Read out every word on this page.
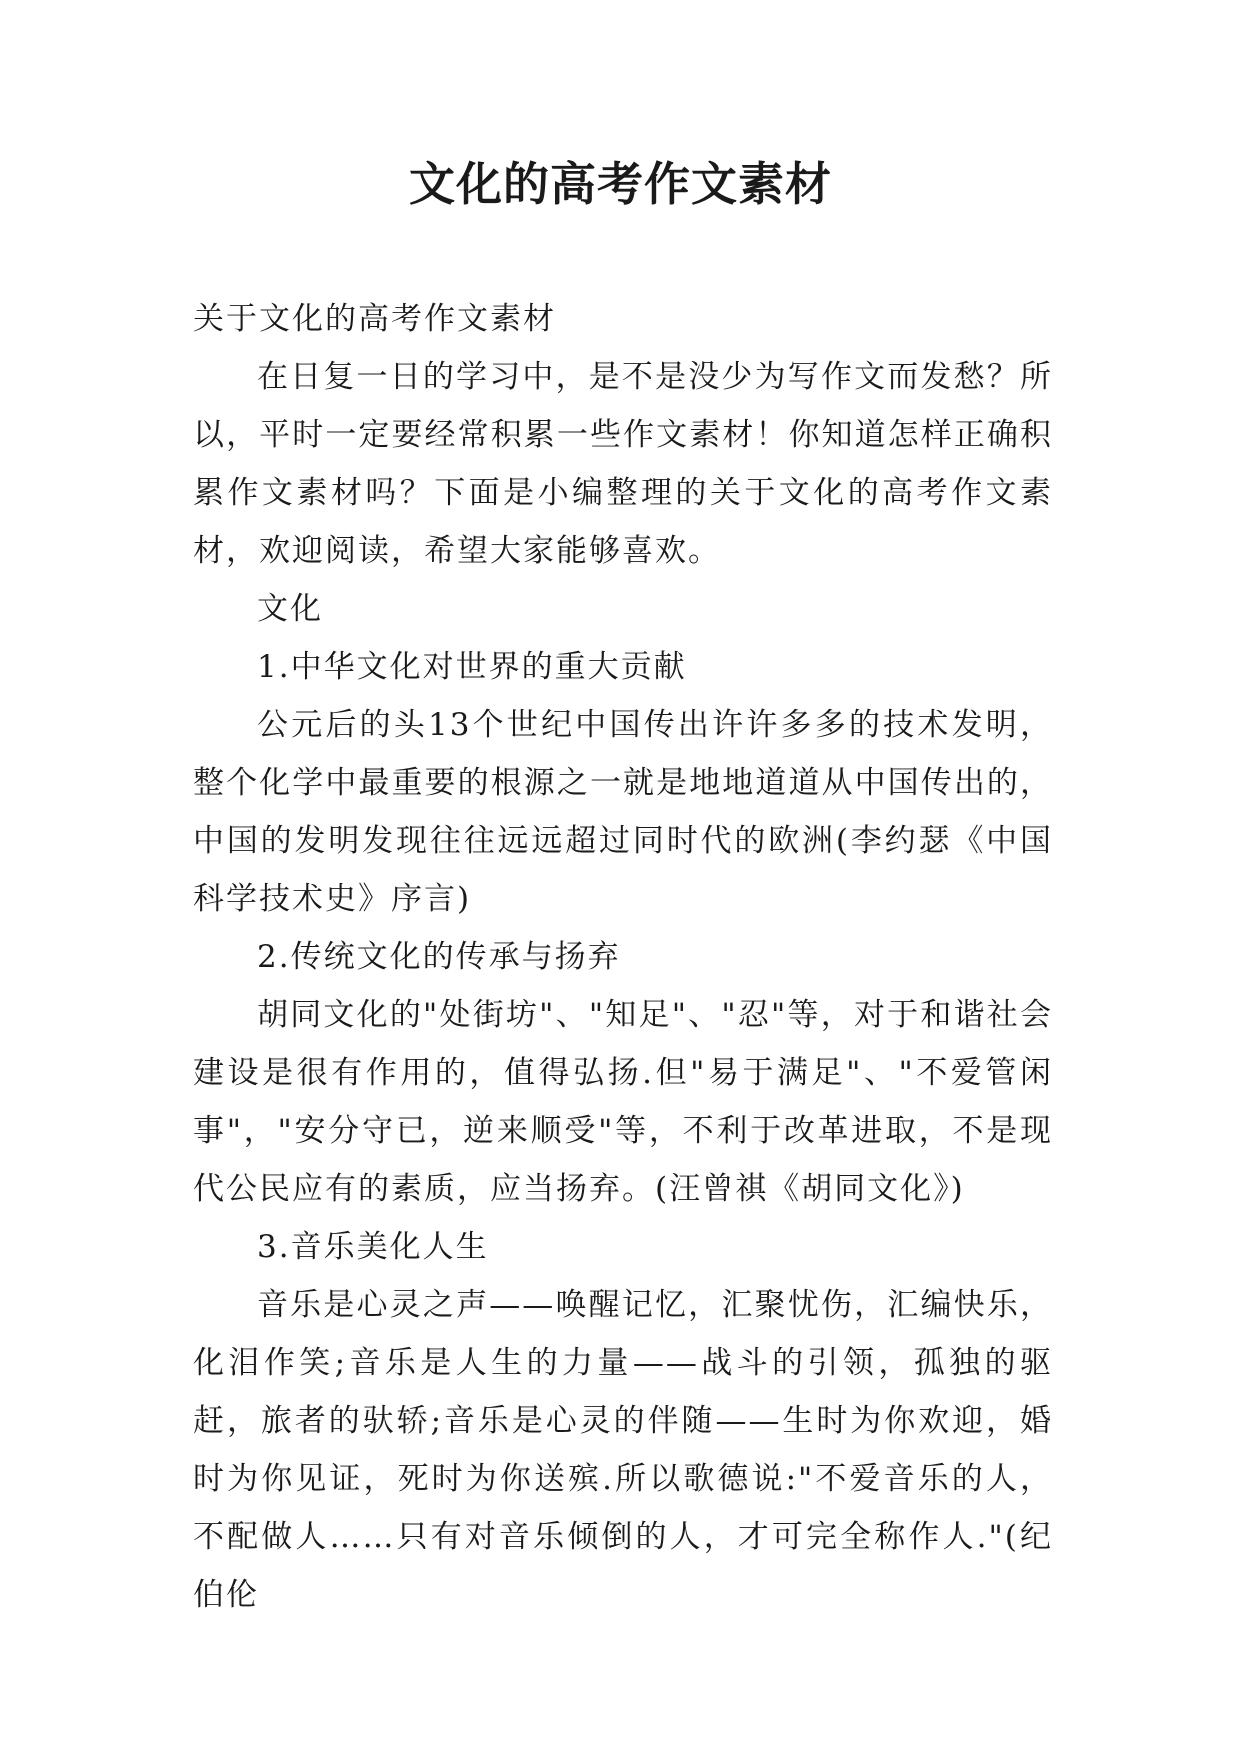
文化的高考作文素材

关于文化的高考作文素材

在日复一日的学习中，是不是没少为写作文而发愁？所以，平时一定要经常积累一些作文素材！你知道怎样正确积累作文素材吗？下面是小编整理的关于文化的高考作文素材，欢迎阅读，希望大家能够喜欢。

文化

1.中华文化对世界的重大贡献

公元后的头13个世纪中国传出许许多多的技术发明，整个化学中最重要的根源之一就是地地道道从中国传出的，中国的发明发现往往远远超过同时代的欧洲(李约瑟《中国科学技术史》序言)

2.传统文化的传承与扬弃

胡同文化的"处街坊"、"知足"、"忍"等，对于和谐社会建设是很有作用的，值得弘扬.但"易于满足"、"不爱管闲事"，"安分守已，逆来顺受"等，不利于改革进取，不是现代公民应有的素质，应当扬弃。(汪曾祺《胡同文化》)

3.音乐美化人生

音乐是心灵之声——唤醒记忆，汇聚忧伤，汇编快乐，化泪作笑;音乐是人生的力量——战斗的引领，孤独的驱赶，旅者的驮轿;音乐是心灵的伴随——生时为你欢迎，婚时为你见证，死时为你送殡.所以歌德说:"不爱音乐的人，不配做人……只有对音乐倾倒的人，才可完全称作人."(纪伯伦
